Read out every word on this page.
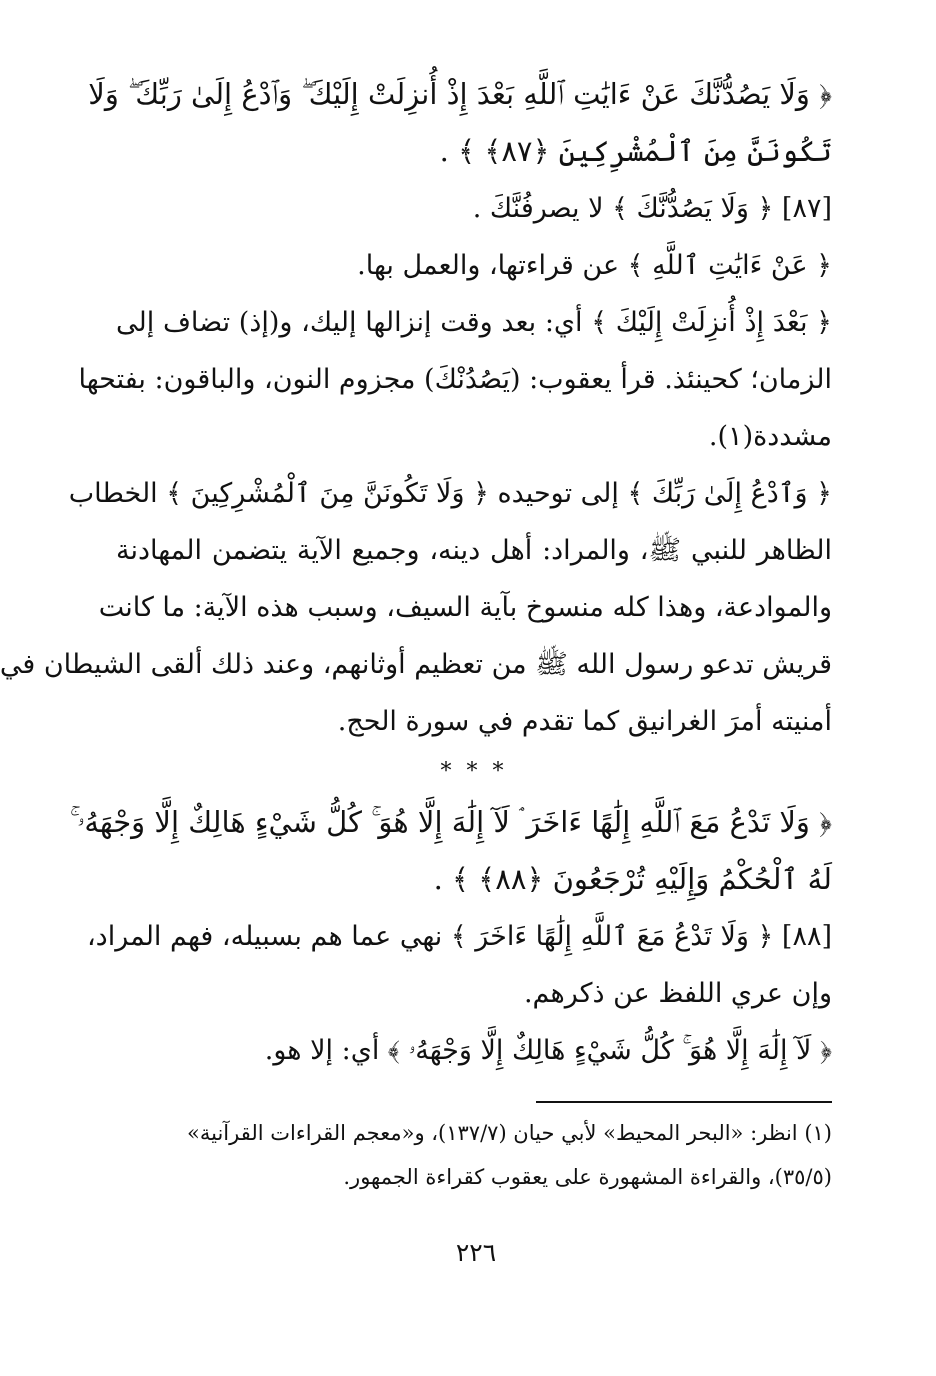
﴿ وَلَا يَصُدُّنَّكَ عَنْ ءَايَٰتِ ٱللَّهِ بَعْدَ إِذْ أُنزِلَتْ إِلَيْكَ ۖ وَٱدْعُ إِلَىٰ رَبِّكَ ۖ وَلَا
تَكُونَنَّ مِنَ ٱلْمُشْرِكِينَ ﴿٨٧﴾ ﴾ .
[٨٧] ﴿ وَلَا يَصُدُّنَّكَ ﴾ لا يصرفُنَّكَ .
﴿ عَنْ ءَايَٰتِ ٱللَّهِ ﴾ عن قراءتها، والعمل بها.
﴿ بَعْدَ إِذْ أُنزِلَتْ إِلَيْكَ ﴾ أي: بعد وقت إنزالها إليك، و(إذ) تضاف إلى
الزمان؛ كحينئذ. قرأ يعقوب: (يَصُدُنْكَ) مجزوم النون، والباقون: بفتحها
مشددة(١).
﴿ وَٱدْعُ إِلَىٰ رَبِّكَ ﴾ إلى توحيده ﴿ وَلَا تَكُونَنَّ مِنَ ٱلْمُشْرِكِينَ ﴾ الخطاب
الظاهر للنبي ﷺ، والمراد: أهل دينه، وجميع الآية يتضمن المهادنة
والموادعة، وهذا كله منسوخ بآية السيف، وسبب هذه الآية: ما كانت
قريش تدعو رسول الله ﷺ من تعظيم أوثانهم، وعند ذلك ألقى الشيطان في
أمنيته أمرَ الغرانيق كما تقدم في سورة الحج.
* * *
﴿ وَلَا تَدْعُ مَعَ ٱللَّهِ إِلَٰهًا ءَاخَرَ ۘ لَآ إِلَٰهَ إِلَّا هُوَ ۚ كُلُّ شَيْءٍ هَالِكٌ إِلَّا وَجْهَهُۥ ۚ
لَهُ ٱلْحُكْمُ وَإِلَيْهِ تُرْجَعُونَ ﴿٨٨﴾ ﴾ .
[٨٨] ﴿ وَلَا تَدْعُ مَعَ ٱللَّهِ إِلَٰهًا ءَاخَرَ ﴾ نهي عما هم بسبيله، فهم المراد،
وإن عري اللفظ عن ذكرهم.
﴿ لَآ إِلَٰهَ إِلَّا هُوَ ۚ كُلُّ شَيْءٍ هَالِكٌ إِلَّا وَجْهَهُۥ ﴾ أي: إلا هو.
(١) انظر: «البحر المحيط» لأبي حيان (١٣٧/٧)، و«معجم القراءات القرآنية»
(٣٥/٥)، والقراءة المشهورة على يعقوب كقراءة الجمهور.
٢٢٦
